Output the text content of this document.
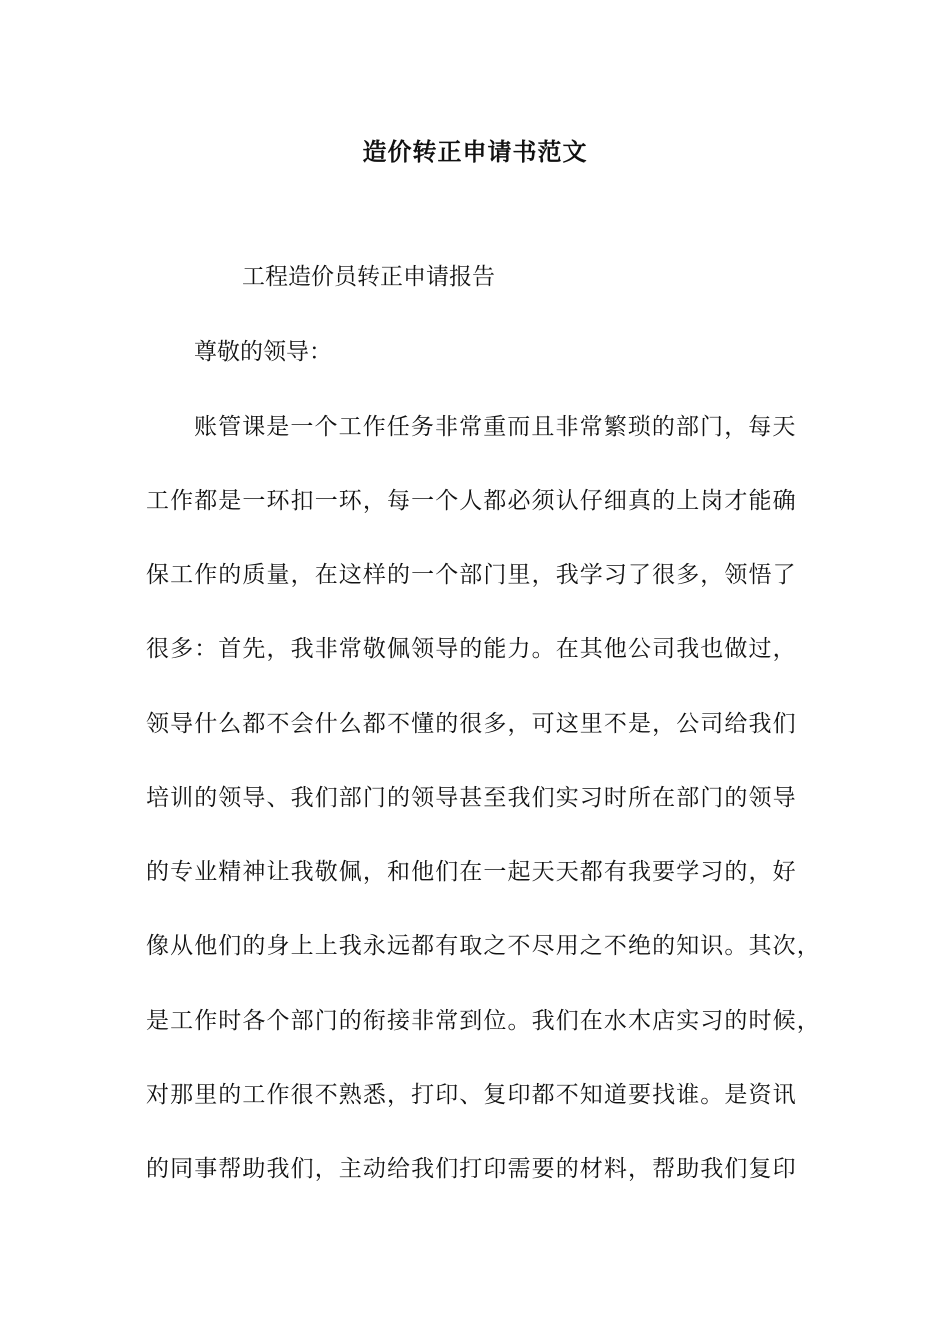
造价转正申请书范文
工程造价员转正申请报告
尊敬的领导：
账管课是一个工作任务非常重而且非常繁琐的部门，每天
工作都是一环扣一环，每一个人都必须认仔细真的上岗才能确
保工作的质量，在这样的一个部门里，我学习了很多，领悟了
很多：首先，我非常敬佩领导的能力。在其他公司我也做过，
领导什么都不会什么都不懂的很多，可这里不是，公司给我们
培训的领导、我们部门的领导甚至我们实习时所在部门的领导
的专业精神让我敬佩，和他们在一起天天都有我要学习的，好
像从他们的身上上我永远都有取之不尽用之不绝的知识。其次，
是工作时各个部门的衔接非常到位。我们在水木店实习的时候，
对那里的工作很不熟悉，打印、复印都不知道要找谁。是资讯
的同事帮助我们，主动给我们打印需要的材料，帮助我们复印
